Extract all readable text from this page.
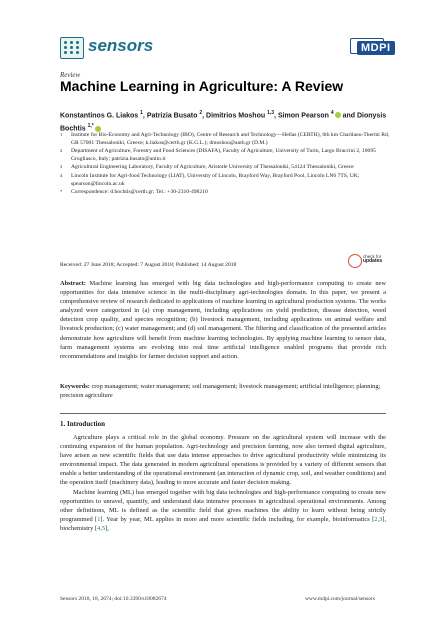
sensors	MDPI
Review
Machine Learning in Agriculture: A Review
Konstantinos G. Liakos $^1$, Patrizia Busato $^2$, Dimitrios Moshou $^{1,3}$, Simon Pearson $^4$ and Dionysis Bochtis $^{1,*}$
1 Institute for Bio-Economy and Agri-Technology (IBO), Centre of Research and Technology—Hellas (CERTH), 6th km Charilaou-Thermi Rd, GR 57001 Thessaloniki, Greece; k.liakos@certh.gr (K.G.L.); dmoshou@auth.gr (D.M.)
2 Department of Agriculture, Forestry and Food Sciences (DISAFA), Faculty of Agriculture, University of Turin, Largo Braccini 2, 10095 Grugliasco, Italy; patrizia.busato@unito.it
3 Agricultural Engineering Laboratory, Faculty of Agriculture, Aristotle University of Thessaloniki, 54124 Thessaloniki, Greece
4 Lincoln Institute for Agri-food Technology (LIAT), University of Lincoln, Brayford Way, Brayford Pool, Lincoln LN6 7TS, UK; spearson@lincoln.ac.uk
* Correspondence: d.bochtis@certh.gr; Tel.: +30-2310-498210
Received: 27 June 2018; Accepted: 7 August 2018; Published: 14 August 2018
check for
updates
Abstract: Machine learning has emerged with big data technologies and high-performance computing to create new opportunities for data intensive science in the multi-disciplinary agri-technologies domain. In this paper, we present a comprehensive review of research dedicated to applications of machine learning in agricultural production systems. The works analyzed were categorized in (a) crop management, including applications on yield prediction, disease detection, weed detection crop quality, and species recognition; (b) livestock management, including applications on animal welfare and livestock production; (c) water management; and (d) soil management. The filtering and classification of the presented articles demonstrate how agriculture will benefit from machine learning technologies. By applying machine learning to sensor data, farm management systems are evolving into real time artificial intelligence enabled programs that provide rich recommendations and insights for farmer decision support and action.
Keywords: crop management; water management; soil management; livestock management; artificial intelligence; planning; precision agriculture
1. Introduction

Agriculture plays a critical role in the global economy. Pressure on the agricultural system will increase with the continuing expansion of the human population. Agri-technology and precision farming, now also termed digital agriculture, have arisen as new scientific fields that use data intense approaches to drive agricultural productivity while minimizing its environmental impact. The data generated in modern agricultural operations is provided by a variety of different sensors that enable a better understanding of the operational environment (an interaction of dynamic crop, soil, and weather conditions) and the operation itself (machinery data), leading to more accurate and faster decision making.

Machine learning (ML) has emerged together with big data technologies and high-performance computing to create new opportunities to unravel, quantify, and understand data intensive processes in agricultural operational environments. Among other definitions, ML is defined as the scientific field that gives machines the ability to learn without being strictly programmed [1]. Year by year, ML applies in more and more scientific fields including, for example, bioinformatics [2,3], biochemistry [4,5],

Sensors 2018, 18, 2674; doi:10.3390/s18082674	www.mdpi.com/journal/sensors
